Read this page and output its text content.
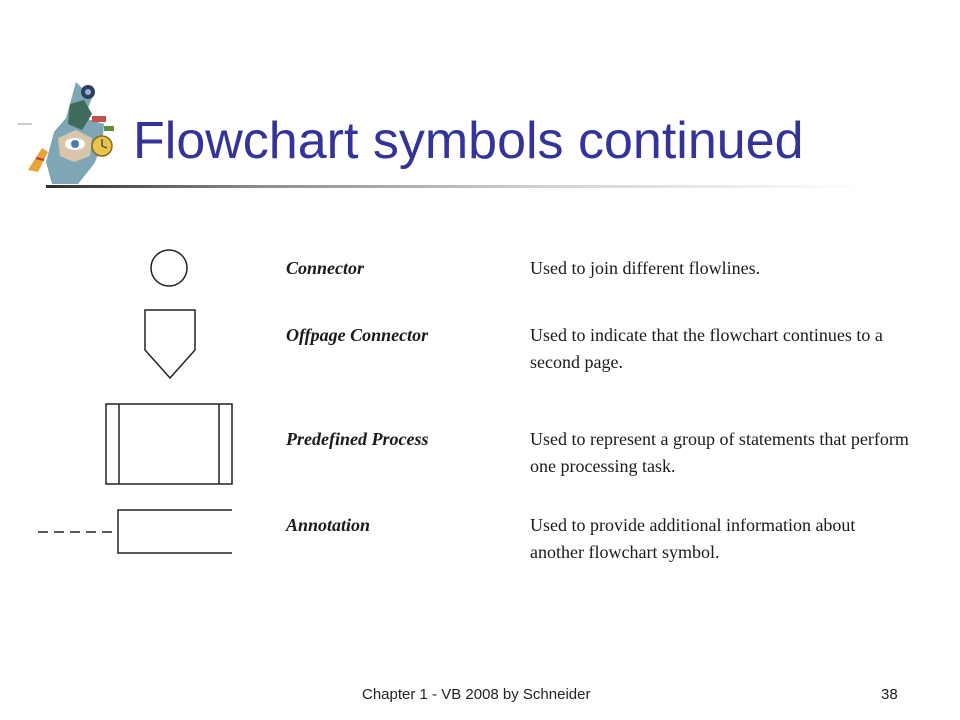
Flowchart symbols continued

Connector

Offpage Connector

Predefined Process

Annotation

Used to join different flowlines.

Used to indicate that the flowchart continues to a second page.

Used to represent a group of statements that perform one processing task.

Used to provide additional information about another flowchart symbol.

Chapter 1 - VB 2008 by Schneider	38
